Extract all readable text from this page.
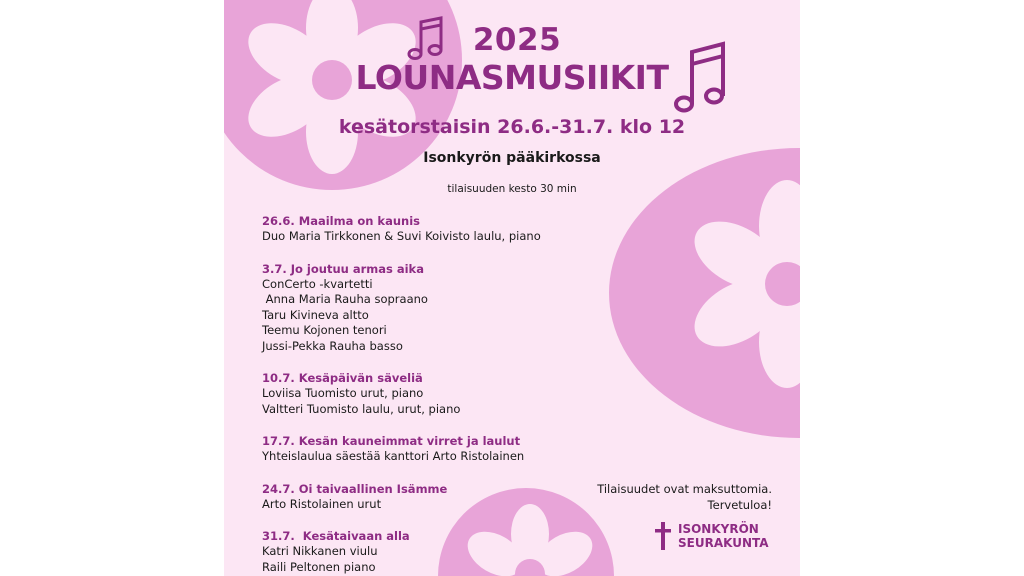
2025
LOUNASMUSIIKIT
kesätorstaisin 26.6.-31.7. klo 12
Isonkyrön pääkirkossa
tilaisuuden kesto 30 min
26.6. Maailma on kaunis
Duo Maria Tirkkonen & Suvi Koivisto laulu, piano
3.7. Jo joutuu armas aika
ConCerto -kvartetti
Anna Maria Rauha sopraano
Taru Kivineva altto
Teemu Kojonen tenori
Jussi-Pekka Rauha basso
10.7. Kesäpäivän säveliä
Loviisa Tuomisto urut, piano
Valtteri Tuomisto laulu, urut, piano
17.7. Kesän kauneimmat virret ja laulut
Yhteislaulua säestää kanttori Arto Ristolainen
24.7. Oi taivaallinen Isämme
Arto Ristolainen urut
31.7.  Kesätaivaan alla
Katri Nikkanen viulu
Raili Peltonen piano
Tilaisuudet ovat maksuttomia.
Tervetuloa!
ISONKYRÖN
SEURAKUNTA
